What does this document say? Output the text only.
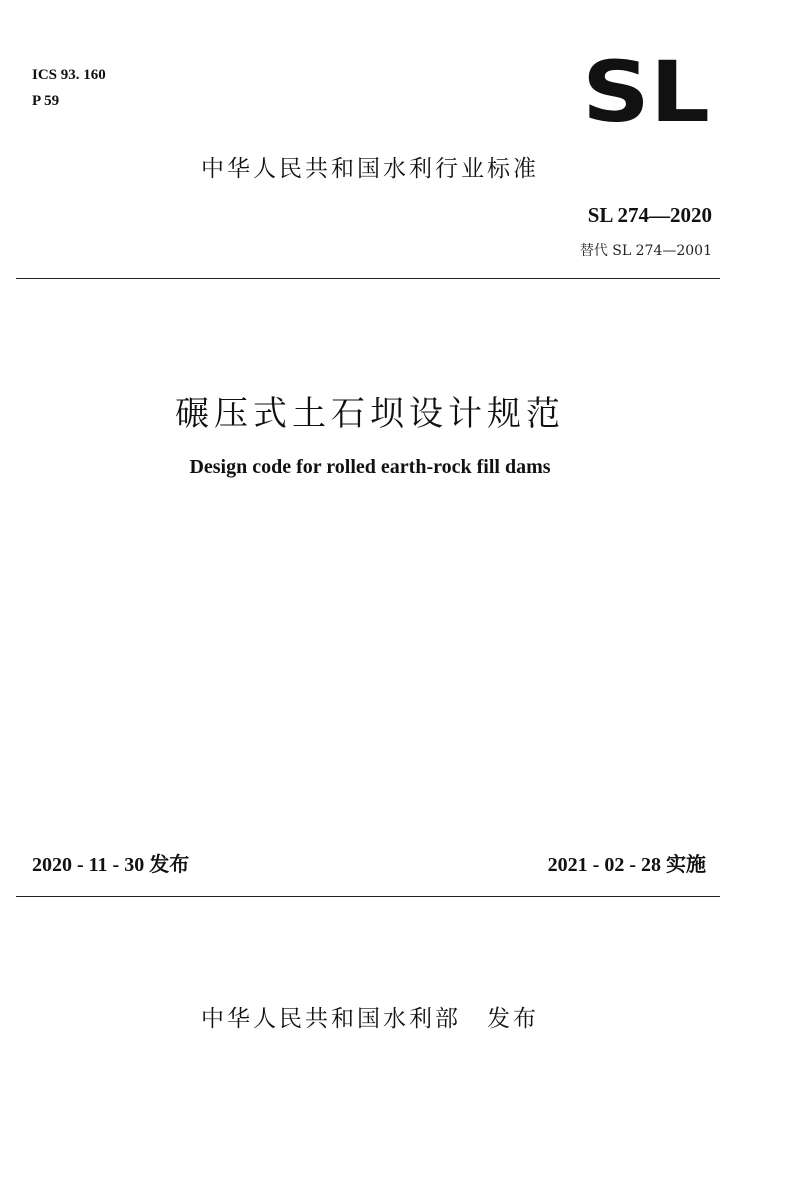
ICS 93. 160
P 59	SL
中华人民共和国水利行业标准
SL 274—2020
替代 SL 274—2001
碾压式土石坝设计规范
Design code for rolled earth-rock fill dams
2020 - 11 - 30 发布	2021 - 02 - 28 实施
中华人民共和国水利部　发布
